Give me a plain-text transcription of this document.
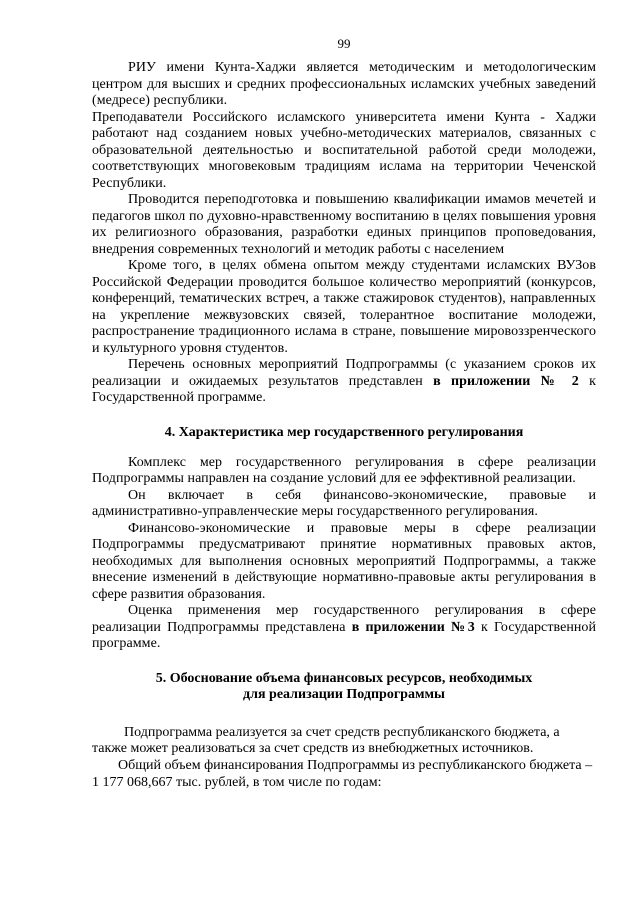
99

РИУ имени Кунта-Хаджи является методическим и методологическим центром для высших и средних профессиональных исламских учебных заведений (медресе) республики.

Преподаватели Российского исламского университета имени Кунта - Хаджи работают над созданием новых учебно-методических материалов, связанных с образовательной деятельностью и воспитательной работой среди молодежи, соответствующих многовековым традициям ислама на территории Чеченской Республики.

Проводится переподготовка и повышению квалификации имамов мечетей и педагогов школ по духовно-нравственному воспитанию в целях повышения уровня их религиозного образования, разработки единых принципов проповедования, внедрения современных технологий и методик работы с населением

Кроме того, в целях обмена опытом между студентами исламских ВУЗов Российской Федерации проводится большое количество мероприятий (конкурсов, конференций, тематических встреч, а также стажировок студентов), направленных на укрепление межвузовских связей, толерантное воспитание молодежи, распространение традиционного ислама в стране, повышение мировоззренческого и культурного уровня студентов.

Перечень основных мероприятий Подпрограммы (с указанием сроков их реализации и ожидаемых результатов представлен в приложении № 2 к Государственной программе.

4. Характеристика мер государственного регулирования

Комплекс мер государственного регулирования в сфере реализации Подпрограммы направлен на создание условий для ее эффективной реализации.

Он включает в себя финансово-экономические, правовые и административно-управленческие меры государственного регулирования.

Финансово-экономические и правовые меры в сфере реализации Подпрограммы предусматривают принятие нормативных правовых актов, необходимых для выполнения основных мероприятий Подпрограммы, а также внесение изменений в действующие нормативно-правовые акты регулирования в сфере развития образования.

Оценка применения мер государственного регулирования в сфере реализации Подпрограммы представлена в приложении №3 к Государственной программе.

5. Обоснование объема финансовых ресурсов, необходимых
для реализации Подпрограммы

Подпрограмма реализуется за счет средств республиканского бюджета, а также может реализоваться за счет средств из внебюджетных источников.

Общий объем финансирования Подпрограммы из республиканского бюджета – 1 177 068,667 тыс. рублей, в том числе по годам:
